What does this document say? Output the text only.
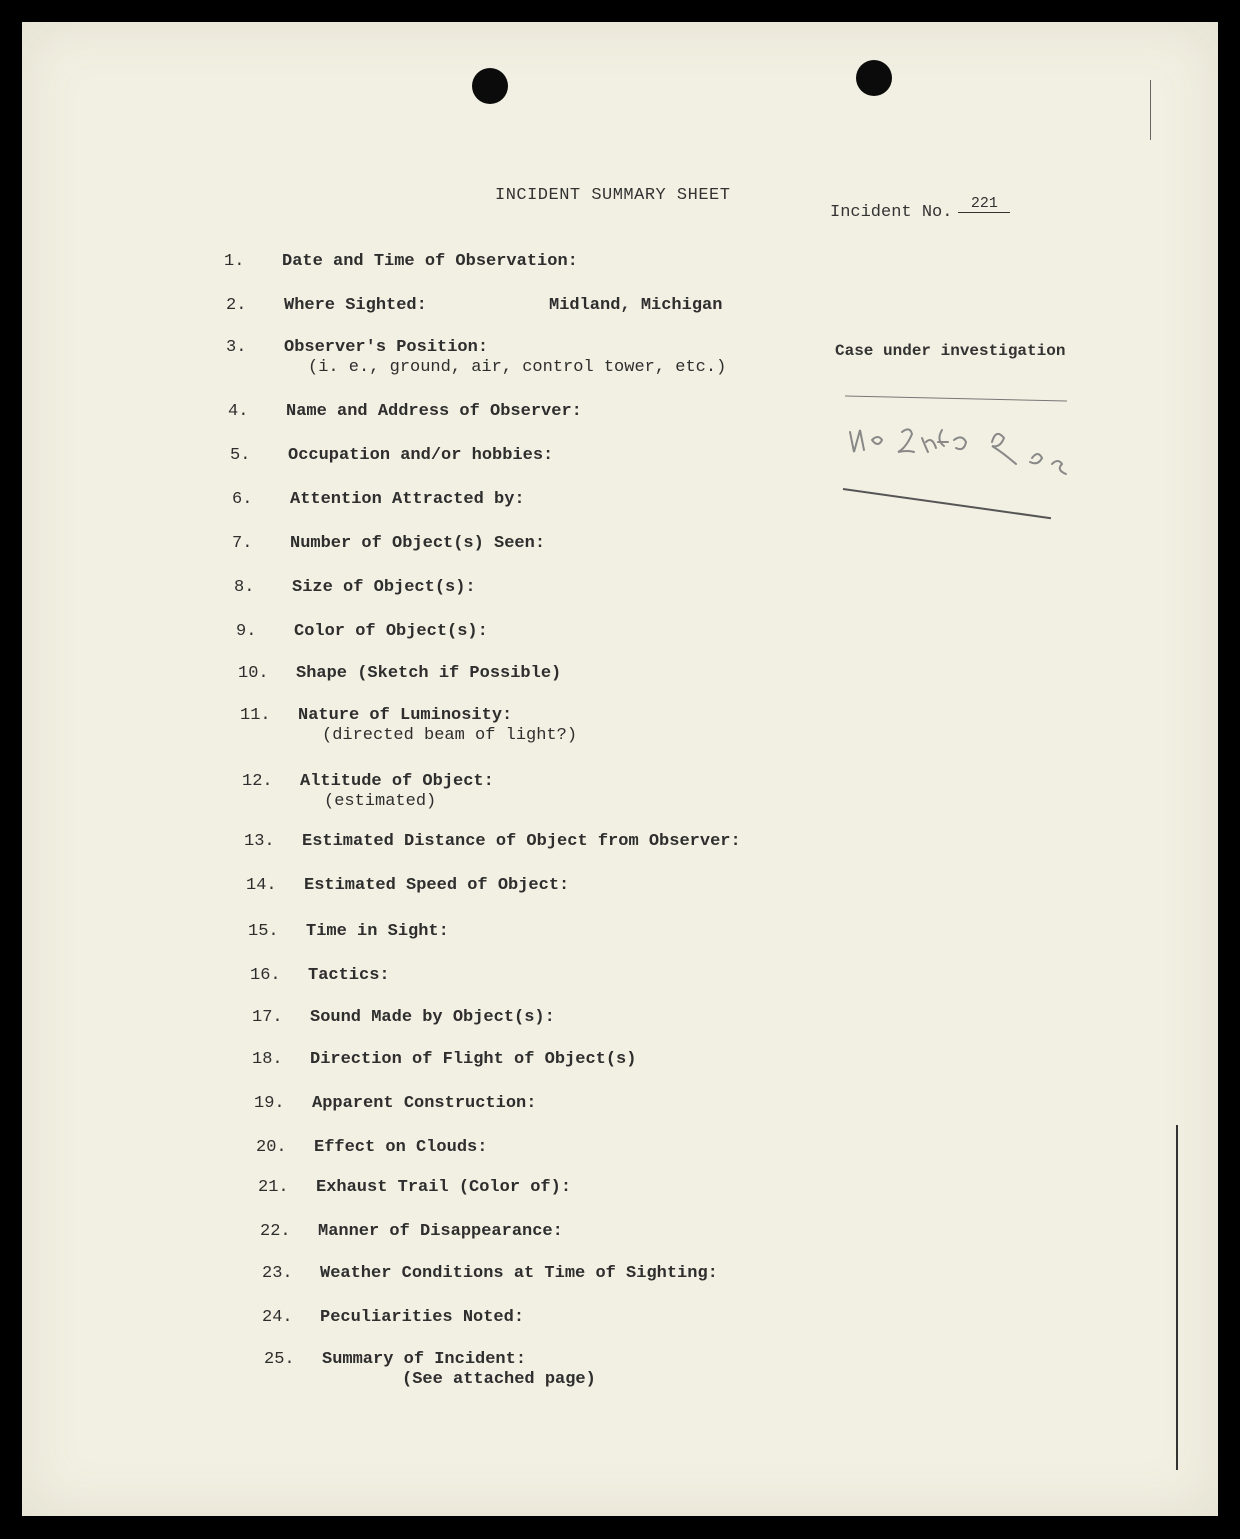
INCIDENT SUMMARY SHEET
Incident No. 221
Case under investigation
1.	Date and Time of Observation:
2.	Where Sighted:	Midland, Michigan
3.	Observer's Position:
(i. e., ground, air, control tower, etc.)
4.	Name and Address of Observer:
5.	Occupation and/or hobbies:
6.	Attention Attracted by:
7.	Number of Object(s) Seen:
8.	Size of Object(s):
9.	Color of Object(s):
10.	Shape (Sketch if Possible)
11.	Nature of Luminosity:
(directed beam of light?)
12.	Altitude of Object:
(estimated)
13.	Estimated Distance of Object from Observer:
14.	Estimated Speed of Object:
15.	Time in Sight:
16.	Tactics:
17.	Sound Made by Object(s):
18.	Direction of Flight of Object(s)
19.	Apparent Construction:
20.	Effect on Clouds:
21.	Exhaust Trail (Color of):
22.	Manner of Disappearance:
23.	Weather Conditions at Time of Sighting:
24.	Peculiarities Noted:
25.	Summary of Incident:
(See attached page)
